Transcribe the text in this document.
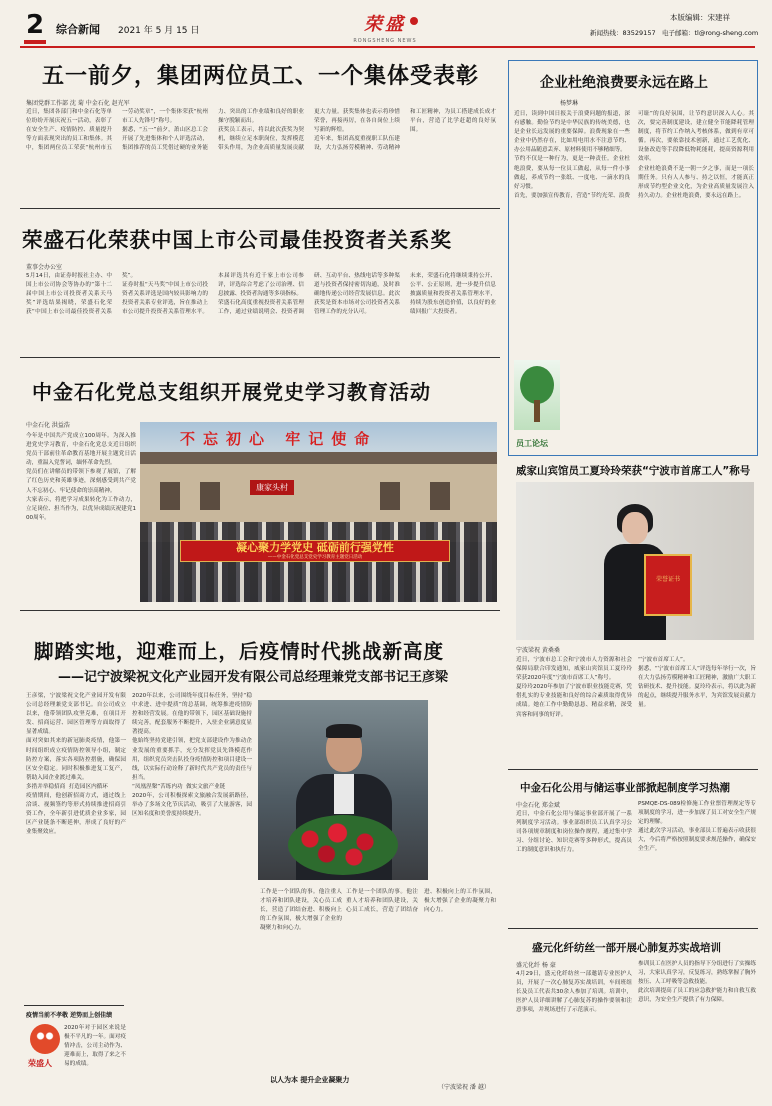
2 综合新闻 2021 年 5 月 15 日	荣盛
RONGSHENG NEWS
本版编辑：宋建祥
新闻热线：83529157 电子邮箱：tl@rong-sheng.com
五一前夕，集团两位员工、一个集体受表彰
集团党群工作部 沈 菊 中金石化 赵光军
近日，集团各部门和中金石化等单位纷纷开展庆祝五一活动，表彰了在安全生产、疫情防控、质量提升等方面表现突出的员工和集体。其中，集团两位员工荣获“杭州市五一劳动奖章”，一个集体荣获“杭州市工人先锋号”称号。
据悉，“五一”前夕，萧山区总工会开展了先进集体和个人评选活动，集团推荐的员工凭借过硬的业务能力、突出的工作业绩和良好的职业操守脱颖而出。
获奖员工表示，将以此次获奖为契机，继续立足本职岗位，发挥模范带头作用，为企业高质量发展贡献更大力量。获奖集体也表示将珍惜荣誉，再接再厉，在各自岗位上续写新的辉煌。
近年来，集团高度重视职工队伍建设，大力弘扬劳模精神、劳动精神和工匠精神，为员工搭建成长成才平台，营造了比学赶超的良好氛围。
荣盛石化荣获中国上市公司最佳投资者关系奖
董事会办公室
5月14日，由证券时报社主办、中国上市公司协会等协办的“第十二届中国上市公司投资者关系天马奖”评选结果揭晓，荣盛石化荣获“中国上市公司最佳投资者关系奖”。
证券时报“天马奖”中国上市公司投资者关系评选是国内较具影响力的投资者关系专业评选，旨在推动上市公司提升投资者关系管理水平。本届评选共有近千家上市公司参评，评选综合考虑了公司治理、信息披露、投资者沟通等多项指标。
荣盛石化高度重视投资者关系管理工作，通过业绩说明会、投资者调研、互动平台、热线电话等多种渠道与投资者保持密切沟通，及时准确地传递公司经营发展信息。此次获奖是资本市场对公司投资者关系管理工作的充分认可。
未来，荣盛石化将继续秉持公开、公平、公正原则，进一步提升信息披露质量和投资者关系管理水平，持续为股东创造价值，以良好的业绩回报广大投资者。
中金石化党总支组织开展党史学习教育活动
中金石化 洪益浩
今年是中国共产党成立100周年。为深入推进党史学习教育，中金石化党总支近日组织党员干部前往革命教育基地开展主题党日活动，重温入党誓词，缅怀革命先烈。
党员们在讲解员的带领下参观了展馆，了解了红色历史和英雄事迹，深刻感受到共产党人不忘初心、牢记使命的崇高精神。
大家表示，将把学习成果转化为工作动力，立足岗位、担当作为，以优异成绩庆祝建党100周年。
不忘初心 牢记使命
康家头村
凝心聚力学党史 砥砺前行强党性
——中金石化党总支党史学习教育主题党日活动
脚踏实地，迎难而上，后疫情时代挑战新高度
——记宁波梁祝文化产业园开发有限公司总经理兼党支部书记王彦梁
王彦梁，宁波梁祝文化产业园开发有限公司总经理兼党支部书记。自公司成立以来，他带领团队攻坚克难，在项目开发、招商运营、园区管理等方面取得了显著成绩。
面对突如其来的新冠肺炎疫情，他第一时间组织成立疫情防控领导小组，制定防控方案，落实各项防控措施，确保园区安全稳定。同时积极推进复工复产，帮助入园企业渡过难关。
多措并举稳招商  打造园区内循环
疫情期间，他创新招商方式，通过线上洽谈、视频签约等形式持续推进招商引资工作，全年新引进优质企业多家，园区产业链条不断延伸，形成了良好的产业集聚效应。
2020年以来，公司围绕年度目标任务，坚持“稳中求进、进中提质”的总基调，统筹推进疫情防控和经营发展。在他的带领下，园区基础设施持续完善，配套服务不断提升，入驻企业满意度显著提高。
他始终坚持党建引领，把党支部建设作为推动企业发展的重要抓手，充分发挥党员先锋模范作用，组织党员突击队投身疫情防控和项目建设一线，以实际行动诠释了新时代共产党员的责任与担当。
“凤凰涅槃”苦练内功  做实文旅产业链
2020年，公司积极探索文旅融合发展新路径，举办了多场文化节庆活动，吸引了大量游客，园区知名度和美誉度持续提升。
工作是一个团队的事。他注重人才培养和团队建设，关心员工成长，营造了团结奋进、积极向上的工作氛围，极大增强了企业的凝聚力和向心力。
以人为本 提升企业凝聚力
工作是一个团队的事。他注重人才培养和团队建设，关心员工成长，营造了团结奋进、积极向上的工作氛围，极大增强了企业的凝聚力和向心力。
（宁波梁祝 潘 越）
疫情当前不孝敬 逆势而上创佳绩
荣盛人
2020年对于园区来说是极不平凡的一年。面对疫情冲击，公司主动作为、迎难而上，取得了来之不易的成绩。
企业杜绝浪费要永远在路上
杨梦琳
近日，读到中国日报关于浪费问题的报道，深有感触。勤俭节约是中华民族的传统美德，也是企业长远发展的重要保障。浪费现象在一些企业中仍然存在，比如用电用水不注意节约、办公用品随意丢弃、原材料使用不够精细等。
节约不仅是一种行为，更是一种责任。企业杜绝浪费，要从每一位员工做起，从每一件小事做起，养成节约一张纸、一度电、一滴水的良好习惯。
首先，要加强宣传教育，营造“节约光荣、浪费可耻”的良好氛围，让节约意识深入人心。其次，要完善制度建设，建立健全节能降耗管理制度，将节约工作纳入考核体系，做到有章可循。再次，要依靠技术创新，通过工艺优化、设备改造等手段降低物耗能耗，提高资源利用效率。
企业杜绝浪费不是一朝一夕之事，而是一项长期任务。只有人人参与、持之以恒，才能真正形成节约型企业文化，为企业高质量发展注入持久动力。企业杜绝浪费，要永远在路上。
员工论坛
威家山宾馆员工夏玲玲荣获“宁波市首席工人”称号
荣誉证书
宁波梁祝 黄桑桑
近日，宁波市总工会和宁波市人力资源和社会保障局联合印发通知，威家山宾馆员工夏玲玲荣获2020年度“宁波市首席工人”称号。
夏玲玲2020年参加了宁波市职业技能竞赛，凭借扎实的专业技能和良好的综合素质取得优异成绩。她在工作中勤勤恳恳、精益求精，深受宾客和同事的好评。
“宁波市首席工人”。
据悉，“宁波市首席工人”评选每年举行一次，旨在大力弘扬劳模精神和工匠精神，激励广大职工钻研技术、提升技能。夏玲玲表示，将以此为新的起点，继续提升服务水平，为宾馆发展贡献力量。
中金石化公用与储运事业部掀起制度学习热潮
中金石化 郑金斌
近日，中金石化公用与储运事业部开展了一系列制度学习活动。事业部组织员工认真学习公司各项规章制度和岗位操作规程，通过集中学习、分组讨论、知识竞赛等多种形式，提高员工的制度意识和执行力。
PSMQE-DS-089检修施工作业票管理规定等专项制度的学习，进一步加深了员工对安全生产规定的理解。
通过此次学习活动，事业部员工普遍表示收获很大，今后将严格按照制度要求规范操作，确保安全生产。
盛元化纤纺丝一部开展心肺复苏实战培训
盛元化纤 杨 豪
4月29日，盛元化纤纺丝一部邀请专业医护人员，开展了一次心肺复苏实战培训，车间班组长及员工代表共30余人参加了培训。培训中，医护人员详细讲解了心肺复苏的操作要领和注意事项，并现场进行了示范演示。
参训员工在医护人员的指导下分组进行了实操练习，大家认真学习，反复练习，熟练掌握了胸外按压、人工呼吸等急救技能。
此次培训提高了员工的应急救护能力和自救互救意识，为安全生产提供了有力保障。
